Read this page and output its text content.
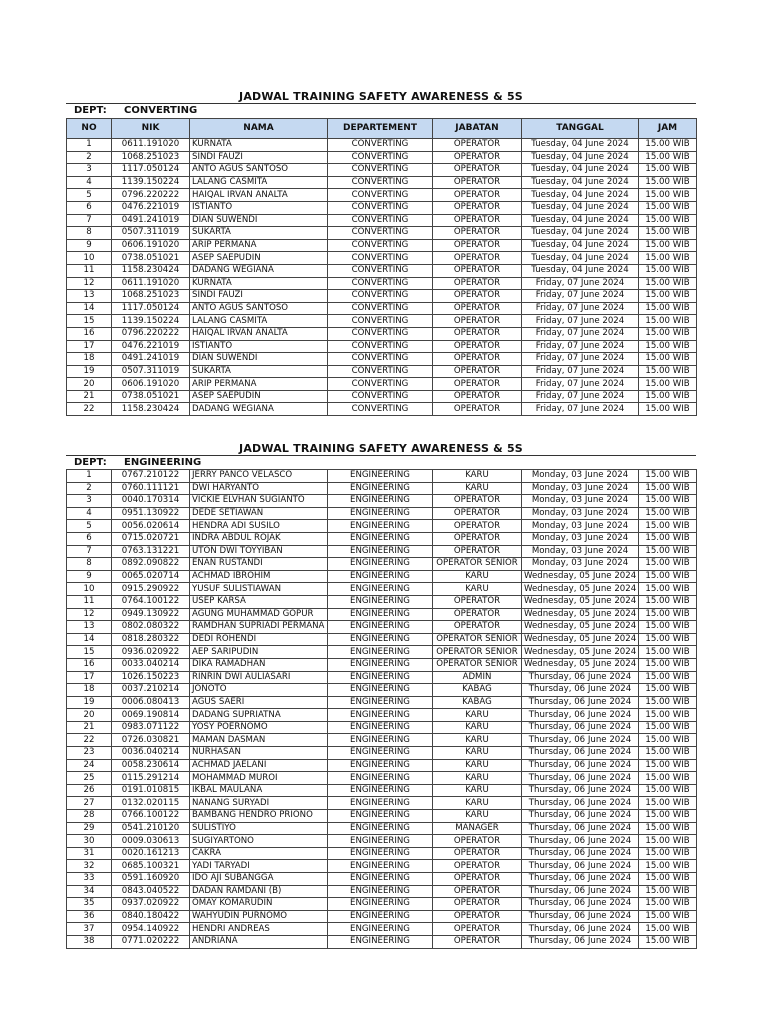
JADWAL TRAINING SAFETY AWARENESS & 5S
DEPT: CONVERTING
NO	NIK	NAMA	DEPARTEMENT	JABATAN	TANGGAL	JAM
1	0611.191020	KURNATA	CONVERTING	OPERATOR	Tuesday, 04 June 2024	15.00 WIB
2	1068.251023	SINDI FAUZI	CONVERTING	OPERATOR	Tuesday, 04 June 2024	15.00 WIB
3	1117.050124	ANTO AGUS SANTOSO	CONVERTING	OPERATOR	Tuesday, 04 June 2024	15.00 WIB
4	1139.150224	LALANG CASMITA	CONVERTING	OPERATOR	Tuesday, 04 June 2024	15.00 WIB
5	0796.220222	HAIQAL IRVAN ANALTA	CONVERTING	OPERATOR	Tuesday, 04 June 2024	15.00 WIB
6	0476.221019	ISTIANTO	CONVERTING	OPERATOR	Tuesday, 04 June 2024	15.00 WIB
7	0491.241019	DIAN SUWENDI	CONVERTING	OPERATOR	Tuesday, 04 June 2024	15.00 WIB
8	0507.311019	SUKARTA	CONVERTING	OPERATOR	Tuesday, 04 June 2024	15.00 WIB
9	0606.191020	ARIP PERMANA	CONVERTING	OPERATOR	Tuesday, 04 June 2024	15.00 WIB
10	0738.051021	ASEP SAEPUDIN	CONVERTING	OPERATOR	Tuesday, 04 June 2024	15.00 WIB
11	1158.230424	DADANG WEGIANA	CONVERTING	OPERATOR	Tuesday, 04 June 2024	15.00 WIB
12	0611.191020	KURNATA	CONVERTING	OPERATOR	Friday, 07 June 2024	15.00 WIB
13	1068.251023	SINDI FAUZI	CONVERTING	OPERATOR	Friday, 07 June 2024	15.00 WIB
14	1117.050124	ANTO AGUS SANTOSO	CONVERTING	OPERATOR	Friday, 07 June 2024	15.00 WIB
15	1139.150224	LALANG CASMITA	CONVERTING	OPERATOR	Friday, 07 June 2024	15.00 WIB
16	0796.220222	HAIQAL IRVAN ANALTA	CONVERTING	OPERATOR	Friday, 07 June 2024	15.00 WIB
17	0476.221019	ISTIANTO	CONVERTING	OPERATOR	Friday, 07 June 2024	15.00 WIB
18	0491.241019	DIAN SUWENDI	CONVERTING	OPERATOR	Friday, 07 June 2024	15.00 WIB
19	0507.311019	SUKARTA	CONVERTING	OPERATOR	Friday, 07 June 2024	15.00 WIB
20	0606.191020	ARIP PERMANA	CONVERTING	OPERATOR	Friday, 07 June 2024	15.00 WIB
21	0738.051021	ASEP SAEPUDIN	CONVERTING	OPERATOR	Friday, 07 June 2024	15.00 WIB
22	1158.230424	DADANG WEGIANA	CONVERTING	OPERATOR	Friday, 07 June 2024	15.00 WIB
JADWAL TRAINING SAFETY AWARENESS & 5S
DEPT: ENGINEERING
1	0767.210122	JERRY PANCO VELASCO	ENGINEERING	KARU	Monday, 03 June 2024	15.00 WIB
2	0760.111121	DWI HARYANTO	ENGINEERING	KARU	Monday, 03 June 2024	15.00 WIB
3	0040.170314	VICKIE ELVHAN SUGIANTO	ENGINEERING	OPERATOR	Monday, 03 June 2024	15.00 WIB
4	0951.130922	DEDE SETIAWAN	ENGINEERING	OPERATOR	Monday, 03 June 2024	15.00 WIB
5	0056.020614	HENDRA ADI SUSILO	ENGINEERING	OPERATOR	Monday, 03 June 2024	15.00 WIB
6	0715.020721	INDRA ABDUL ROJAK	ENGINEERING	OPERATOR	Monday, 03 June 2024	15.00 WIB
7	0763.131221	UTON DWI TOYYIBAN	ENGINEERING	OPERATOR	Monday, 03 June 2024	15.00 WIB
8	0892.090822	ENAN RUSTANDI	ENGINEERING	OPERATOR SENIOR	Monday, 03 June 2024	15.00 WIB
9	0065.020714	ACHMAD IBROHIM	ENGINEERING	KARU	Wednesday, 05 June 2024	15.00 WIB
10	0915.290922	YUSUF SULISTIAWAN	ENGINEERING	KARU	Wednesday, 05 June 2024	15.00 WIB
11	0764.100122	USEP KARSA	ENGINEERING	OPERATOR	Wednesday, 05 June 2024	15.00 WIB
12	0949.130922	AGUNG MUHAMMAD GOPUR	ENGINEERING	OPERATOR	Wednesday, 05 June 2024	15.00 WIB
13	0802.080322	RAMDHAN SUPRIADI PERMANA	ENGINEERING	OPERATOR	Wednesday, 05 June 2024	15.00 WIB
14	0818.280322	DEDI ROHENDI	ENGINEERING	OPERATOR SENIOR	Wednesday, 05 June 2024	15.00 WIB
15	0936.020922	AEP SARIPUDIN	ENGINEERING	OPERATOR SENIOR	Wednesday, 05 June 2024	15.00 WIB
16	0033.040214	DIKA RAMADHAN	ENGINEERING	OPERATOR SENIOR	Wednesday, 05 June 2024	15.00 WIB
17	1026.150223	RINRIN DWI AULIASARI	ENGINEERING	ADMIN	Thursday, 06 June 2024	15.00 WIB
18	0037.210214	JONOTO	ENGINEERING	KABAG	Thursday, 06 June 2024	15.00 WIB
19	0006.080413	AGUS SAERI	ENGINEERING	KABAG	Thursday, 06 June 2024	15.00 WIB
20	0069.190814	DADANG SUPRIATNA	ENGINEERING	KARU	Thursday, 06 June 2024	15.00 WIB
21	0983.071122	YOSY POERNOMO	ENGINEERING	KARU	Thursday, 06 June 2024	15.00 WIB
22	0726.030821	MAMAN DASMAN	ENGINEERING	KARU	Thursday, 06 June 2024	15.00 WIB
23	0036.040214	NURHASAN	ENGINEERING	KARU	Thursday, 06 June 2024	15.00 WIB
24	0058.230614	ACHMAD JAELANI	ENGINEERING	KARU	Thursday, 06 June 2024	15.00 WIB
25	0115.291214	MOHAMMAD MUROI	ENGINEERING	KARU	Thursday, 06 June 2024	15.00 WIB
26	0191.010815	IKBAL MAULANA	ENGINEERING	KARU	Thursday, 06 June 2024	15.00 WIB
27	0132.020115	NANANG SURYADI	ENGINEERING	KARU	Thursday, 06 June 2024	15.00 WIB
28	0766.100122	BAMBANG HENDRO PRIONO	ENGINEERING	KARU	Thursday, 06 June 2024	15.00 WIB
29	0541.210120	SULISTIYO	ENGINEERING	MANAGER	Thursday, 06 June 2024	15.00 WIB
30	0009.030613	SUGIYARTONO	ENGINEERING	OPERATOR	Thursday, 06 June 2024	15.00 WIB
31	0020.161213	CAKRA	ENGINEERING	OPERATOR	Thursday, 06 June 2024	15.00 WIB
32	0685.100321	YADI TARYADI	ENGINEERING	OPERATOR	Thursday, 06 June 2024	15.00 WIB
33	0591.160920	IDO AJI SUBANGGA	ENGINEERING	OPERATOR	Thursday, 06 June 2024	15.00 WIB
34	0843.040522	DADAN RAMDANI (B)	ENGINEERING	OPERATOR	Thursday, 06 June 2024	15.00 WIB
35	0937.020922	OMAY KOMARUDIN	ENGINEERING	OPERATOR	Thursday, 06 June 2024	15.00 WIB
36	0840.180422	WAHYUDIN PURNOMO	ENGINEERING	OPERATOR	Thursday, 06 June 2024	15.00 WIB
37	0954.140922	HENDRI ANDREAS	ENGINEERING	OPERATOR	Thursday, 06 June 2024	15.00 WIB
38	0771.020222	ANDRIANA	ENGINEERING	OPERATOR	Thursday, 06 June 2024	15.00 WIB
